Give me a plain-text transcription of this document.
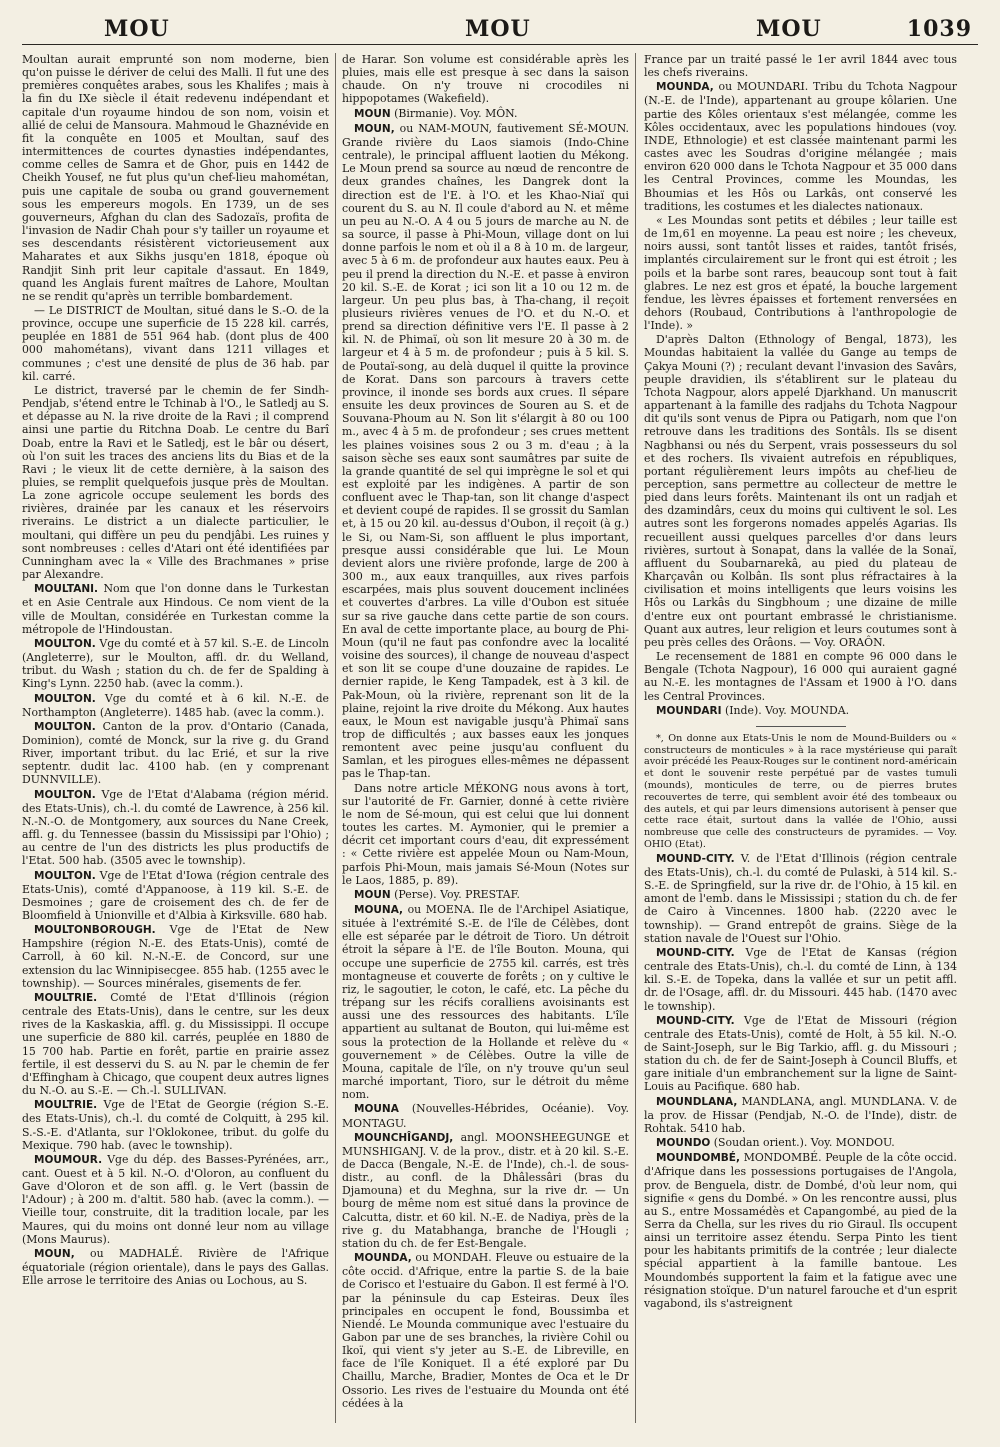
MOU	MOU	MOU	1039

Moultan aurait emprunté son nom moderne, bien qu'on puisse le dériver de celui des Malli. Il fut une des premières conquêtes arabes, sous les Khalifes ; mais à la fin du IXe siècle il était redevenu indépendant et capitale d'un royaume hindou de son nom, voisin et allié de celui de Mansoura. Mahmoud le Ghaznévide en fit la conquête en 1005 et Moultan, sauf des intermittences de courtes dynasties indépendantes, comme celles de Samra et de Ghor, puis en 1442 de Cheikh Yousef, ne fut plus qu'un chef-lieu mahométan, puis une capitale de souba ou grand gouvernement sous les empereurs mogols. En 1739, un de ses gouverneurs, Afghan du clan des Sadozaïs, profita de l'invasion de Nadir Chah pour s'y tailler un royaume et ses descendants résistèrent victorieusement aux Maharates et aux Sikhs jusqu'en 1818, époque où Randjit Sinh prit leur capitale d'assaut. En 1849, quand les Anglais furent maîtres de Lahore, Moultan ne se rendit qu'après un terrible bombardement.

— Le DISTRICT de Moultan, situé dans le S.-O. de la province, occupe une superficie de 15 228 kil. carrés, peuplée en 1881 de 551 964 hab. (dont plus de 400 000 mahométans), vivant dans 1211 villages et communes ; c'est une densité de plus de 36 hab. par kil. carré.

Le district, traversé par le chemin de fer Sindh-Pendjab, s'étend entre le Tchinab à l'O., le Satledj au S. et dépasse au N. la rive droite de la Ravi ; il comprend ainsi une partie du Ritchna Doab. Le centre du Barî Doab, entre la Ravi et le Satledj, est le bâr ou désert, où l'on suit les traces des anciens lits du Bias et de la Ravi ; le vieux lit de cette dernière, à la saison des pluies, se remplit quelquefois jusque près de Moultan. La zone agricole occupe seulement les bords des rivières, drainée par les canaux et les réservoirs riverains. Le district a un dialecte particulier, le moultani, qui diffère un peu du pendjâbi. Les ruines y sont nombreuses : celles d'Atari ont été identifiées par Cunningham avec la « Ville des Brachmanes » prise par Alexandre.

MOULTANI. Nom que l'on donne dans le Turkestan et en Asie Centrale aux Hindous. Ce nom vient de la ville de Moultan, considérée en Turkestan comme la métropole de l'Hindoustan.

MOULTON. Vge du comté et à 57 kil. S.-E. de Lincoln (Angleterre), sur le Moulton, affl. dr. du Welland, tribut. du Wash ; station du ch. de fer de Spalding à King's Lynn. 2250 hab. (avec la comm.).

MOULTON. Vge du comté et à 6 kil. N.-E. de Northampton (Angleterre). 1485 hab. (avec la comm.).

MOULTON. Canton de la prov. d'Ontario (Canada, Dominion), comté de Monck, sur la rive g. du Grand River, important tribut. du lac Erié, et sur la rive septentr. dudit lac. 4100 hab. (en y comprenant DUNNVILLE).

MOULTON. Vge de l'Etat d'Alabama (région mérid. des Etats-Unis), ch.-l. du comté de Lawrence, à 256 kil. N.-N.-O. de Montgomery, aux sources du Nane Creek, affl. g. du Tennessee (bassin du Mississipi par l'Ohio) ; au centre de l'un des districts les plus productifs de l'Etat. 500 hab. (3505 avec le township).

MOULTON. Vge de l'Etat d'Iowa (région centrale des Etats-Unis), comté d'Appanoose, à 119 kil. S.-E. de Desmoines ; gare de croisement des ch. de fer de Bloomfield à Unionville et d'Albia à Kirksville. 680 hab.

MOULTONBOROUGH. Vge de l'Etat de New Hampshire (région N.-E. des Etats-Unis), comté de Carroll, à 60 kil. N.-N.-E. de Concord, sur une extension du lac Winnipisecgee. 855 hab. (1255 avec le township). — Sources minérales, gisements de fer.

MOULTRIE. Comté de l'Etat d'Illinois (région centrale des Etats-Unis), dans le centre, sur les deux rives de la Kaskaskia, affl. g. du Mississippi. Il occupe une superficie de 880 kil. carrés, peuplée en 1880 de 15 700 hab. Partie en forêt, partie en prairie assez fertile, il est desservi du S. au N. par le chemin de fer d'Effingham à Chicago, que coupent deux autres lignes du N.-O. au S.-E. — Ch.-l. SULLIVAN.

MOULTRIE. Vge de l'Etat de Georgie (région S.-E. des Etats-Unis), ch.-l. du comté de Colquitt, à 295 kil. S.-S.-E. d'Atlanta, sur l'Oklokonee, tribut. du golfe du Mexique. 790 hab. (avec le township).

MOUMOUR. Vge du dép. des Basses-Pyrénées, arr., cant. Ouest et à 5 kil. N.-O. d'Oloron, au confluent du Gave d'Oloron et de son affl. g. le Vert (bassin de l'Adour) ; à 200 m. d'altit. 580 hab. (avec la comm.). — Vieille tour, construite, dit la tradition locale, par les Maures, qui du moins ont donné leur nom au village (Mons Maurus).

MOUN, ou MADHALÉ. Rivière de l'Afrique équatoriale (région orientale), dans le pays des Gallas. Elle arrose le territoire des Anias ou Lochous, au S.

de Harar. Son volume est considérable après les pluies, mais elle est presque à sec dans la saison chaude. On n'y trouve ni crocodiles ni hippopotames (Wakefield).

MOUN (Birmanie). Voy. MÔN.

MOUN, ou NAM-MOUN, fautivement SÉ-MOUN. Grande rivière du Laos siamois (Indo-Chine centrale), le principal affluent laotien du Mékong. Le Moun prend sa source au nœud de rencontre de deux grandes chaînes, les Dangrek dont la direction est de l'E. à l'O. et les Khao-Niaï qui courent du S. au N. Il coule d'abord au N. et même un peu au N.-O. A 4 ou 5 jours de marche au N. de sa source, il passe à Phi-Moun, village dont on lui donne parfois le nom et où il a 8 à 10 m. de largeur, avec 5 à 6 m. de profondeur aux hautes eaux. Peu à peu il prend la direction du N.-E. et passe à environ 20 kil. S.-E. de Korat ; ici son lit a 10 ou 12 m. de largeur. Un peu plus bas, à Tha-chang, il reçoit plusieurs rivières venues de l'O. et du N.-O. et prend sa direction définitive vers l'E. Il passe à 2 kil. N. de Phimaï, où son lit mesure 20 à 30 m. de largeur et 4 à 5 m. de profondeur ; puis à 5 kil. S. de Poutaï-song, au delà duquel il quitte la province de Korat. Dans son parcours à travers cette province, il inonde ses bords aux crues. Il sépare ensuite les deux provinces de Souren au S. et de Souvana-Phoum au N. Son lit s'élargit à 80 ou 100 m., avec 4 à 5 m. de profondeur ; ses crues mettent les plaines voisines sous 2 ou 3 m. d'eau ; à la saison sèche ses eaux sont saumâtres par suite de la grande quantité de sel qui imprègne le sol et qui est exploité par les indigènes. A partir de son confluent avec le Thap-tan, son lit change d'aspect et devient coupé de rapides. Il se grossit du Samlan et, à 15 ou 20 kil. au-dessus d'Oubon, il reçoit (à g.) le Si, ou Nam-Si, son affluent le plus important, presque aussi considérable que lui. Le Moun devient alors une rivière profonde, large de 200 à 300 m., aux eaux tranquilles, aux rives parfois escarpées, mais plus souvent doucement inclinées et couvertes d'arbres. La ville d'Oubon est située sur sa rive gauche dans cette partie de son cours. En aval de cette importante place, au bourg de Phi-Moun (qu'il ne faut pas confondre avec la localité voisine des sources), il change de nouveau d'aspect et son lit se coupe d'une douzaine de rapides. Le dernier rapide, le Keng Tampadek, est à 3 kil. de Pak-Moun, où la rivière, reprenant son lit de la plaine, rejoint la rive droite du Mékong. Aux hautes eaux, le Moun est navigable jusqu'à Phimaï sans trop de difficultés ; aux basses eaux les jonques remontent avec peine jusqu'au confluent du Samlan, et les pirogues elles-mêmes ne dépassent pas le Thap-tan.

Dans notre article MÉKONG nous avons à tort, sur l'autorité de Fr. Garnier, donné à cette rivière le nom de Sé-moun, qui est celui que lui donnent toutes les cartes. M. Aymonier, qui le premier a décrit cet important cours d'eau, dit expressément : « Cette rivière est appelée Moun ou Nam-Moun, parfois Phi-Moun, mais jamais Sé-Moun (Notes sur le Laos, 1885, p. 89).

MOUN (Perse). Voy. PRESTAF.

MOUNA, ou MOENA. Ile de l'Archipel Asiatique, située à l'extrémité S.-E. de l'île de Célèbes, dont elle est séparée par le détroit de Tioro. Un détroit étroit la sépare à l'E. de l'île Bouton. Mouna, qui occupe une superficie de 2755 kil. carrés, est très montagneuse et couverte de forêts ; on y cultive le riz, le sagoutier, le coton, le café, etc. La pêche du trépang sur les récifs coralliens avoisinants est aussi une des ressources des habitants. L'île appartient au sultanat de Bouton, qui lui-même est sous la protection de la Hollande et relève du « gouvernement » de Célèbes. Outre la ville de Mouna, capitale de l'île, on n'y trouve qu'un seul marché important, Tioro, sur le détroit du même nom.

MOUNA (Nouvelles-Hébrides, Océanie). Voy. MONTAGU.

MOUNCHÎGANDJ, angl. MOONSHEEGUNGE et MUNSHIGANJ. V. de la prov., distr. et à 20 kil. S.-E. de Dacca (Bengale, N.-E. de l'Inde), ch.-l. de sous-distr., au confl. de la Dhâlessâri (bras du Djamouna) et du Meghna, sur la rive dr. — Un bourg de même nom est situé dans la province de Calcutta, distr. et 60 kil. N.-E. de Nadiya, près de la rive g. du Matabhanga, branche de l'Hougli ; station du ch. de fer Est-Bengale.

MOUNDA, ou MONDAH. Fleuve ou estuaire de la côte occid. d'Afrique, entre la partie S. de la baie de Corisco et l'estuaire du Gabon. Il est fermé à l'O. par la péninsule du cap Esteiras. Deux îles principales en occupent le fond, Boussimba et Niendé. Le Mounda communique avec l'estuaire du Gabon par une de ses branches, la rivière Cohil ou Ikoï, qui vient s'y jeter au S.-E. de Libreville, en face de l'île Koniquet. Il a été exploré par Du Chaillu, Marche, Bradier, Montes de Oca et le Dr Ossorio. Les rives de l'estuaire du Mounda ont été cédées à la

France par un traité passé le 1er avril 1844 avec tous les chefs riverains.

MOUNDA, ou MOUNDARI. Tribu du Tchota Nagpour (N.-E. de l'Inde), appartenant au groupe kôlarien. Une partie des Kôles orientaux s'est mélangée, comme les Kôles occidentaux, avec les populations hindoues (voy. INDE, Ethnologie) et est classée maintenant parmi les castes avec les Soudras d'origine mélangée ; mais environ 620 000 dans le Tchota Nagpour et 35 000 dans les Central Provinces, comme les Moundas, les Bhoumias et les Hôs ou Larkâs, ont conservé les traditions, les costumes et les dialectes nationaux.

« Les Moundas sont petits et débiles ; leur taille est de 1m,61 en moyenne. La peau est noire ; les cheveux, noirs aussi, sont tantôt lisses et raides, tantôt frisés, implantés circulairement sur le front qui est étroit ; les poils et la barbe sont rares, beaucoup sont tout à fait glabres. Le nez est gros et épaté, la bouche largement fendue, les lèvres épaisses et fortement renversées en dehors (Roubaud, Contributions à l'anthropologie de l'Inde). »

D'après Dalton (Ethnology of Bengal, 1873), les Moundas habitaient la vallée du Gange au temps de Çakya Mouni (?) ; reculant devant l'invasion des Savârs, peuple dravidien, ils s'établirent sur le plateau du Tchota Nagpour, alors appelé Djarkhand. Un manuscrit appartenant à la famille des radjahs du Tchota Nagpour dit qu'ils sont venus de Pipra ou Patigarh, nom que l'on retrouve dans les traditions des Sontâls. Ils se disent Nagbhansi ou nés du Serpent, vrais possesseurs du sol et des rochers. Ils vivaient autrefois en républiques, portant régulièrement leurs impôts au chef-lieu de perception, sans permettre au collecteur de mettre le pied dans leurs forêts. Maintenant ils ont un radjah et des dzamindârs, ceux du moins qui cultivent le sol. Les autres sont les forgerons nomades appelés Agarias. Ils recueillent aussi quelques parcelles d'or dans leurs rivières, surtout à Sonapat, dans la vallée de la Sonaï, affluent du Soubarnarekâ, au pied du plateau de Kharçavân ou Kolbân. Ils sont plus réfractaires à la civilisation et moins intelligents que leurs voisins les Hôs ou Larkâs du Singbhoum ; une dizaine de mille d'entre eux ont pourtant embrassé le christianisme. Quant aux autres, leur religion et leurs coutumes sont à peu près celles des Orâons. — Voy. ORAÔN.

Le recensement de 1881 en compte 96 000 dans le Bengale (Tchota Nagpour), 16 000 qui auraient gagné au N.-E. les montagnes de l'Assam et 1900 à l'O. dans les Central Provinces.

MOUNDARI (Inde). Voy. MOUNDA.

*, On donne aux Etats-Unis le nom de Mound-Builders ou « constructeurs de monticules » à la race mystérieuse qui paraît avoir précédé les Peaux-Rouges sur le continent nord-américain et dont le souvenir reste perpétué par de vastes tumuli (mounds), monticules de terre, ou de pierres brutes recouvertes de terre, qui semblent avoir été des tombeaux ou des autels, et qui par leurs dimensions autorisent à penser que cette race était, surtout dans la vallée de l'Ohio, aussi nombreuse que celle des constructeurs de pyramides. — Voy. OHIO (Etat).

MOUND-CITY. V. de l'Etat d'Illinois (région centrale des Etats-Unis), ch.-l. du comté de Pulaski, à 514 kil. S.-S.-E. de Springfield, sur la rive dr. de l'Ohio, à 15 kil. en amont de l'emb. dans le Mississipi ; station du ch. de fer de Cairo à Vincennes. 1800 hab. (2220 avec le township). — Grand entrepôt de grains. Siège de la station navale de l'Ouest sur l'Ohio.

MOUND-CITY. Vge de l'Etat de Kansas (région centrale des Etats-Unis), ch.-l. du comté de Linn, à 134 kil. S.-E. de Topeka, dans la vallée et sur un petit affl. dr. de l'Osage, affl. dr. du Missouri. 445 hab. (1470 avec le township).

MOUND-CITY. Vge de l'Etat de Missouri (région centrale des Etats-Unis), comté de Holt, à 55 kil. N.-O. de Saint-Joseph, sur le Big Tarkio, affl. g. du Missouri ; station du ch. de fer de Saint-Joseph à Council Bluffs, et gare initiale d'un embranchement sur la ligne de Saint-Louis au Pacifique. 680 hab.

MOUNDLANA, MANDLANA, angl. MUNDLANA. V. de la prov. de Hissar (Pendjab, N.-O. de l'Inde), distr. de Rohtak. 5410 hab.

MOUNDO (Soudan orient.). Voy. MONDOU.

MOUNDOMBÉ, MONDOMBÉ. Peuple de la côte occid. d'Afrique dans les possessions portugaises de l'Angola, prov. de Benguela, distr. de Dombé, d'où leur nom, qui signifie « gens du Dombé. » On les rencontre aussi, plus au S., entre Mossamédès et Capangombé, au pied de la Serra da Chella, sur les rives du rio Giraul. Ils occupent ainsi un territoire assez étendu. Serpa Pinto les tient pour les habitants primitifs de la contrée ; leur dialecte spécial appartient à la famille bantoue. Les Moundombés supportent la faim et la fatigue avec une résignation stoïque. D'un naturel farouche et d'un esprit vagabond, ils s'astreignent
